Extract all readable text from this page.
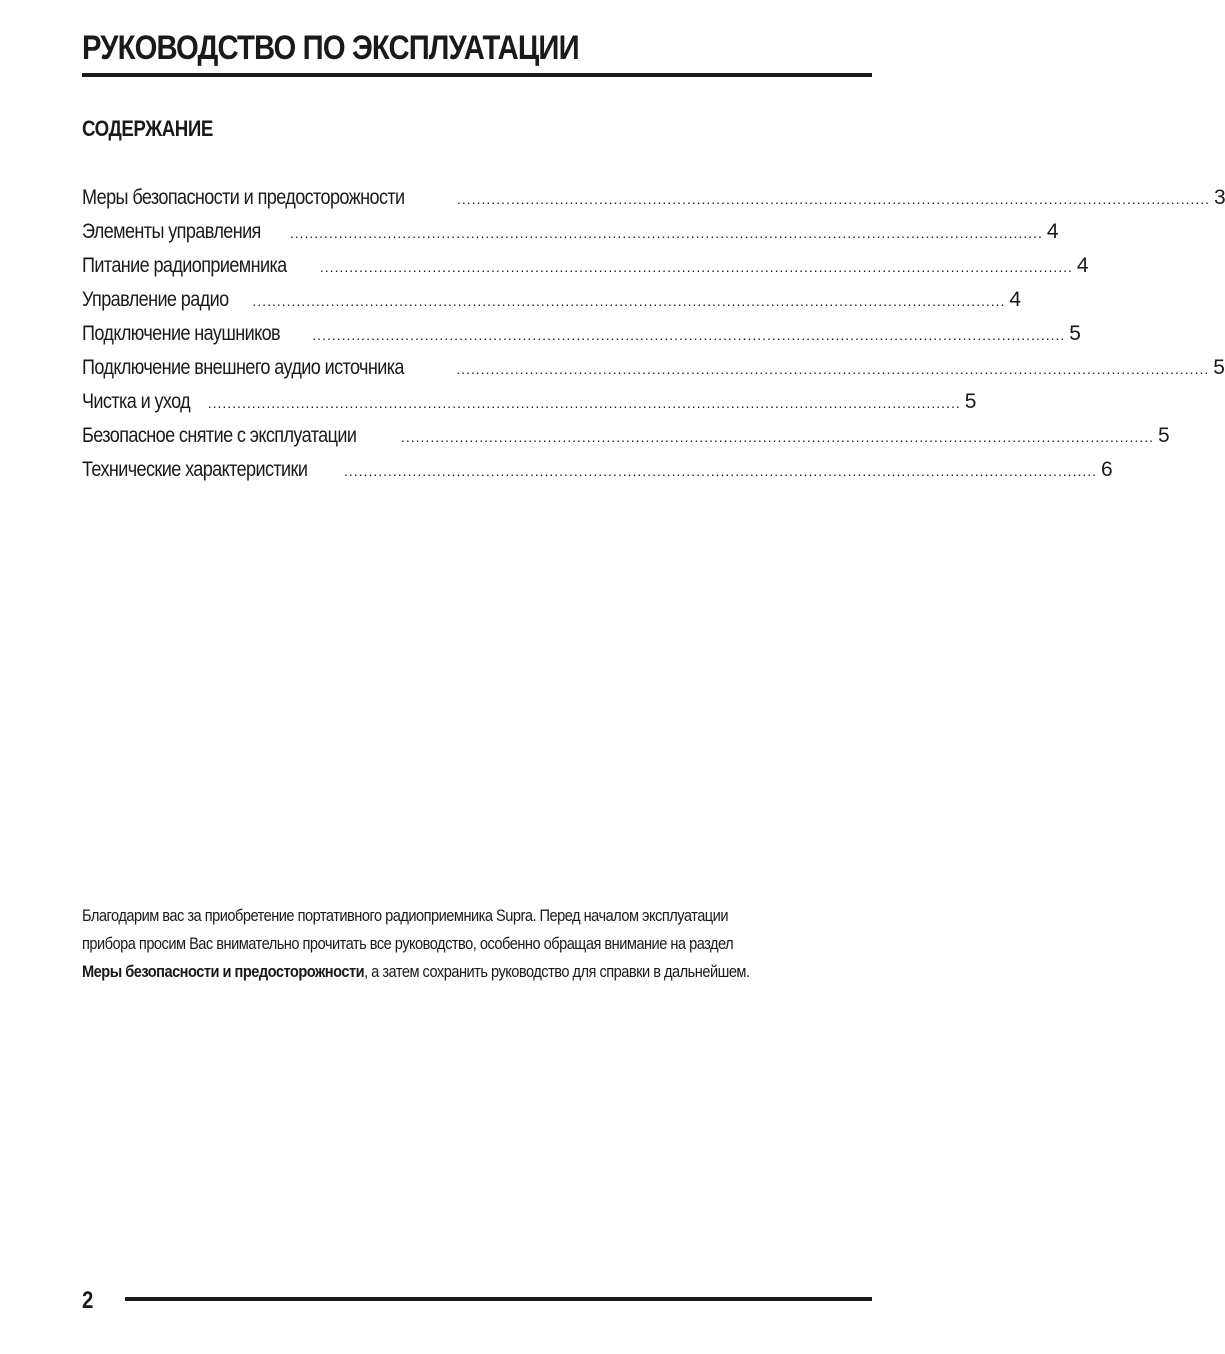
РУКОВОДСТВО ПО ЭКСПЛУАТАЦИИ
СОДЕРЖАНИЕ
Меры безопасности и предосторожности	.......................................................................................................................................................... 3
Элементы управления .......................................................................................................................................................... 4
Питание радиоприемника .......................................................................................................................................................... 4
Управление радио .......................................................................................................................................................... 4
Подключение наушников .......................................................................................................................................................... 5
Подключение внешнего аудио источника	.......................................................................................................................................................... 5
Чистка и уход .......................................................................................................................................................... 5
Безопасное снятие с эксплуатации	.......................................................................................................................................................... 5
Технические характеристики	.......................................................................................................................................................... 6

Благодарим вас за приобретение портативного радиоприемника Supra. Перед началом эксплуатации

прибора просим Вас внимательно прочитать все руководство, особенно обращая внимание на раздел

Меры безопасности и предосторожности, а затем сохранить руководство для справки в дальнейшем.

2
